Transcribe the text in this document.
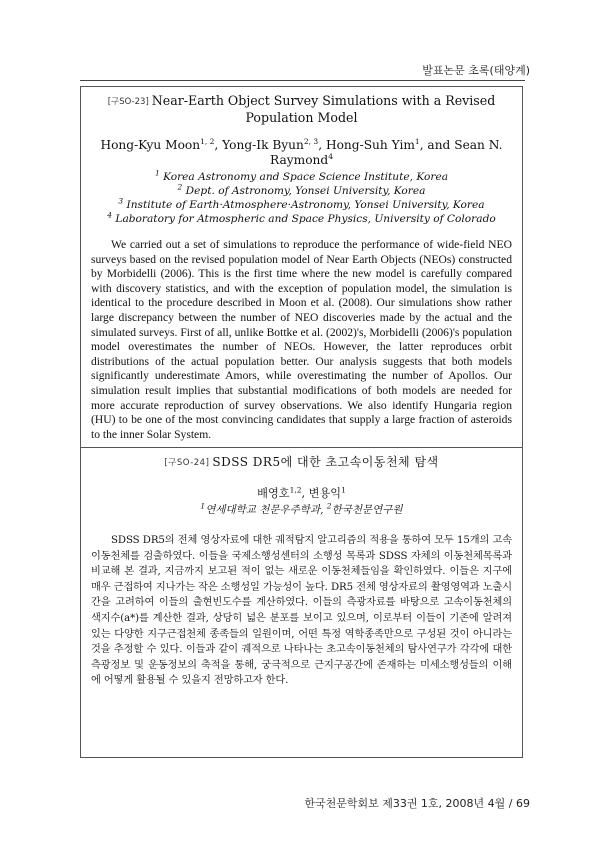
발표논문 초록(태양계)
[구SO-23] Near-Earth Object Survey Simulations with a Revised Population Model
Hong-Kyu Moon$^{1, 2}$, Yong-Ik Byun$^{2, 3}$, Hong-Suh Yim$^1$, and Sean N. Raymond$^4$
$^1$ Korea Astronomy and Space Science Institute, Korea
$^2$ Dept. of Astronomy, Yonsei University, Korea
$^3$ Institute of Earth·Atmosphere·Astronomy, Yonsei University, Korea
$^4$ Laboratory for Atmospheric and Space Physics, University of Colorado

We carried out a set of simulations to reproduce the performance of wide-field NEO surveys based on the revised population model of Near Earth Objects (NEOs) constructed by Morbidelli (2006). This is the first time where the new model is carefully compared with discovery statistics, and with the exception of population model, the simulation is identical to the procedure described in Moon et al. (2008). Our simulations show rather large discrepancy between the number of NEO discoveries made by the actual and the simulated surveys. First of all, unlike Bottke et al. (2002)'s, Morbidelli (2006)'s population model overestimates the number of NEOs. However, the latter reproduces orbit distributions of the actual population better. Our analysis suggests that both models significantly underestimate Amors, while overestimating the number of Apollos. Our simulation result implies that substantial modifications of both models are needed for more accurate reproduction of survey observations. We also identify Hungaria region (HU) to be one of the most convincing candidates that supply a large fraction of asteroids to the inner Solar System.

[구SO-24] SDSS DR5에 대한 초고속이동천체 탐색
배영호$^{1,2}$, 변용익$^1$
$^1$연세대학교 천문우주학과, $^2$한국천문연구원

SDSS DR5의 전체 영상자료에 대한 궤적탐지 알고리즘의 적용을 통하여 모두 15개의 고속이동천체를 검출하였다. 이들을 국제소행성센터의 소행성 목록과 SDSS 자체의 이동천체목록과 비교해 본 결과, 지금까지 보고된 적이 없는 새로운 이동천체들임을 확인하였다. 이들은 지구에 매우 근접하여 지나가는 작은 소행성일 가능성이 높다. DR5 전체 영상자료의 촬영영역과 노출시간을 고려하여 이들의 출현빈도수를 계산하였다. 이들의 측광자료를 바탕으로 고속이동천체의 색지수(a*)를 계산한 결과, 상당히 넓은 분포를 보이고 있으며, 이로부터 이들이 기존에 알려져 있는 다양한 지구근접천체 종족들의 일원이며, 어떤 특정 역학종족만으로 구성된 것이 아니라는 것을 추정할 수 있다. 이들과 같이 궤적으로 나타나는 초고속이동천체의 탐사연구가 각각에 대한 측광정보 및 운동정보의 축적을 통해, 궁극적으로 근지구공간에 존재하는 미세소행성들의 이해에 어떻게 활용될 수 있을지 전망하고자 한다.

한국천문학회보 제33권 1호, 2008년 4월 / 69
